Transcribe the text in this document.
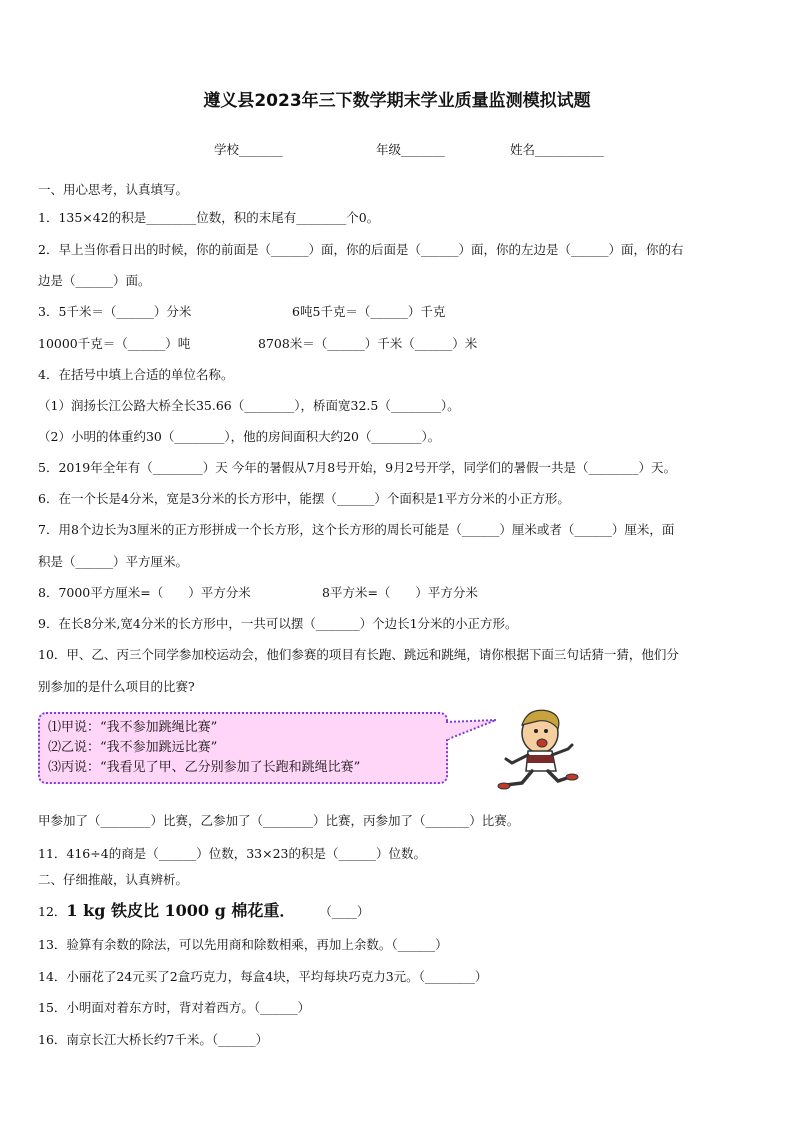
遵义县2023年三下数学期末学业质量监测模拟试题
学校_______	年级_______	姓名___________
一、用心思考，认真填写。
1．135×42的积是________位数，积的末尾有________个0。
2．早上当你看日出的时候，你的前面是（______）面，你的后面是（______）面，你的左边是（______）面，你的右
边是（______）面。
3．5千米＝（______）分米	6吨5千克＝（______）千克
10000千克＝（______）吨	8708米＝（______）千米（______）米
4．在括号中填上合适的单位名称。
（1）润扬长江公路大桥全长35.66（________），桥面宽32.5（________）。
（2）小明的体重约30（________），他的房间面积大约20（________）。
5．2019年全年有（________）天 今年的暑假从7月8号开始，9月2号开学，同学们的暑假一共是（________）天。
6．在一个长是4分米，宽是3分米的长方形中，能摆（______）个面积是1平方分米的小正方形。
7．用8个边长为3厘米的正方形拼成一个长方形，这个长方形的周长可能是（______）厘米或者（______）厘米，面
积是（______）平方厘米。
8．7000平方厘米=（　　）平方分米	8平方米=（　　）平方分米
9．在长8分米,宽4分米的长方形中，一共可以摆（_______）个边长1分米的小正方形。
10．甲、乙、丙三个同学参加校运动会，他们参赛的项目有长跑、跳远和跳绳，请你根据下面三句话猜一猜，他们分
别参加的是什么项目的比赛?
⑴甲说：“我不参加跳绳比赛”
⑵乙说：“我不参加跳远比赛”
⑶丙说：“我看见了甲、乙分别参加了长跑和跳绳比赛”
甲参加了（________）比赛，乙参加了（________）比赛，丙参加了（_______）比赛。
11．416÷4的商是（______）位数，33×23的积是（______）位数。
二、仔细推敲，认真辨析。
12．1 kg 铁皮比 1000 g 棉花重． （____）
13．验算有余数的除法，可以先用商和除数相乘，再加上余数。（______）
14．小丽花了24元买了2盒巧克力，每盒4块，平均每块巧克力3元。（________）
15．小明面对着东方时，背对着西方。（______）
16．南京长江大桥长约7千米。（______）
